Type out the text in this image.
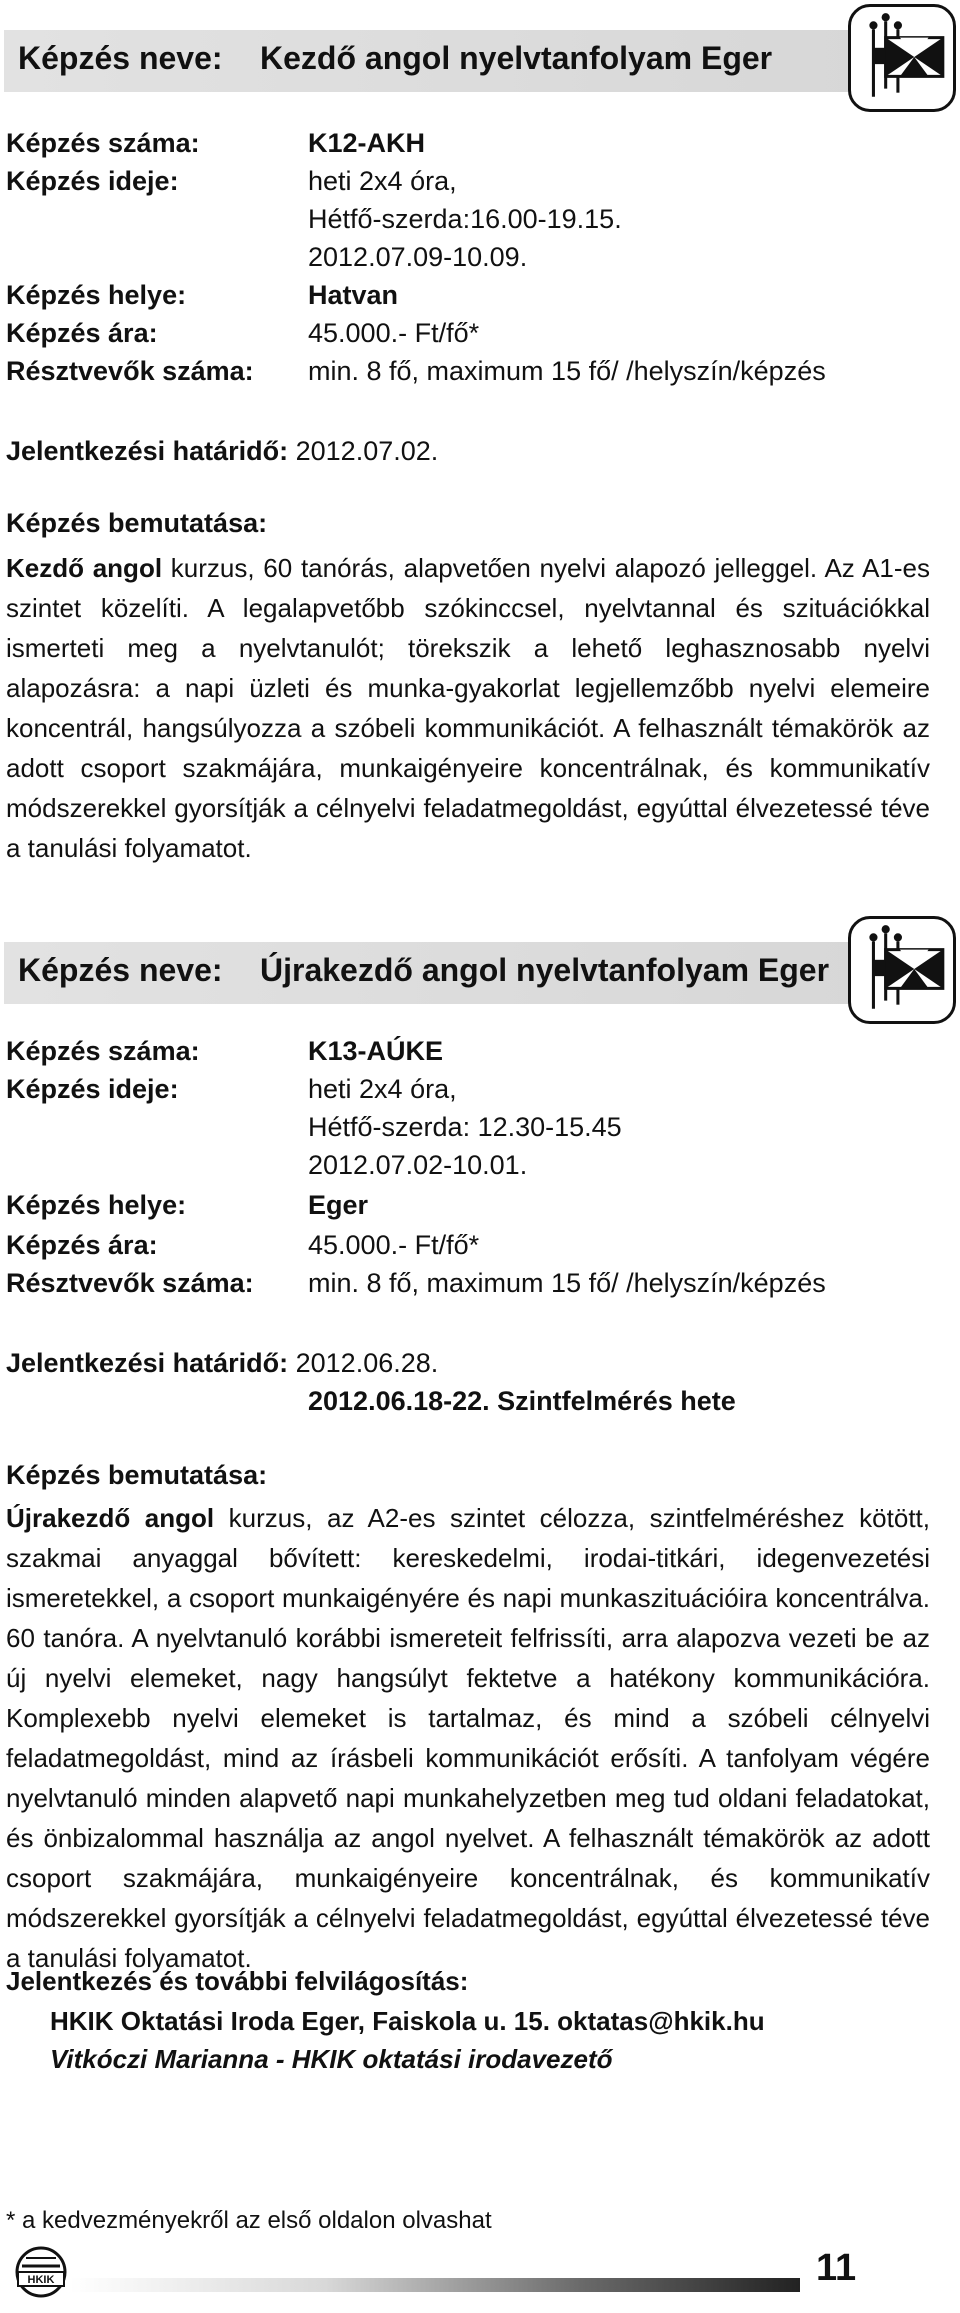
Képzés neve: Kezdő angol nyelvtanfolyam Eger
Képzés száma:	K12-AKH
Képzés ideje:	heti 2x4 óra,
Hétfő-szerda:16.00-19.15.
2012.07.09-10.09.
Képzés helye:	Hatvan
Képzés ára:	45.000.- Ft/fő*
Résztvevők száma: min. 8 fő, maximum 15 fő/ /helyszín/képzés
Jelentkezési határidő: 2012.07.02.
Képzés bemutatása:

Kezdő angol kurzus, 60 tanórás, alapvetően nyelvi alapozó jelleggel. Az A1-es szintet közelíti. A legalapvetőbb szókinccsel, nyelvtannal és szituációkkal ismerteti meg a nyelvtanulót; törekszik a lehető leghasznosabb nyelvi alapozásra: a napi üzleti és munka-gyakorlat legjellemzőbb nyelvi elemeire koncentrál, hangsúlyozza a szóbeli kommunikációt. A felhasznált témakörök az adott csoport szakmájára, munkaigényeire koncentrálnak, és kommunikatív módszerekkel gyorsítják a célnyelvi feladatmegoldást, egyúttal élvezetessé téve a tanulási folyamatot.

Képzés neve: Újrakezdő angol nyelvtanfolyam Eger
Képzés száma:	K13-AÚKE
Képzés ideje:	heti 2x4 óra,
Hétfő-szerda: 12.30-15.45
2012.07.02-10.01.
Képzés helye:	Eger
Képzés ára:	45.000.- Ft/fő*
Résztvevők száma: min. 8 fő, maximum 15 fő/ /helyszín/képzés
Jelentkezési határidő: 2012.06.28.
2012.06.18-22. Szintfelmérés hete
Képzés bemutatása:

Újrakezdő angol kurzus, az A2-es szintet célozza, szintfelméréshez kötött, szakmai anyaggal bővített: kereskedelmi, irodai-titkári, idegenvezetési ismeretekkel, a csoport munkaigényére és napi munkaszituációira koncentrálva. 60 tanóra. A nyelvtanuló korábbi ismereteit felfrissíti, arra alapozva vezeti be az új nyelvi elemeket, nagy hangsúlyt fektetve a hatékony kommunikációra. Komplexebb nyelvi elemeket is tartalmaz, és mind a szóbeli célnyelvi feladatmegoldást, mind az írásbeli kommunikációt erősíti. A tanfolyam végére nyelvtanuló minden alapvető napi munkahelyzetben meg tud oldani feladatokat, és önbizalommal használja az angol nyelvet. A felhasznált témakörök az adott csoport szakmájára, munkaigényeire koncentrálnak, és kommunikatív módszerekkel gyorsítják a célnyelvi feladatmegoldást, egyúttal élvezetessé téve a tanulási folyamatot.

Jelentkezés és további felvilágosítás:
HKIK Oktatási Iroda Eger, Faiskola u. 15. oktatas@hkik.hu
Vitkóczi Marianna - HKIK oktatási irodavezető
* a kedvezményekről az első oldalon olvashat
HKIK	11
